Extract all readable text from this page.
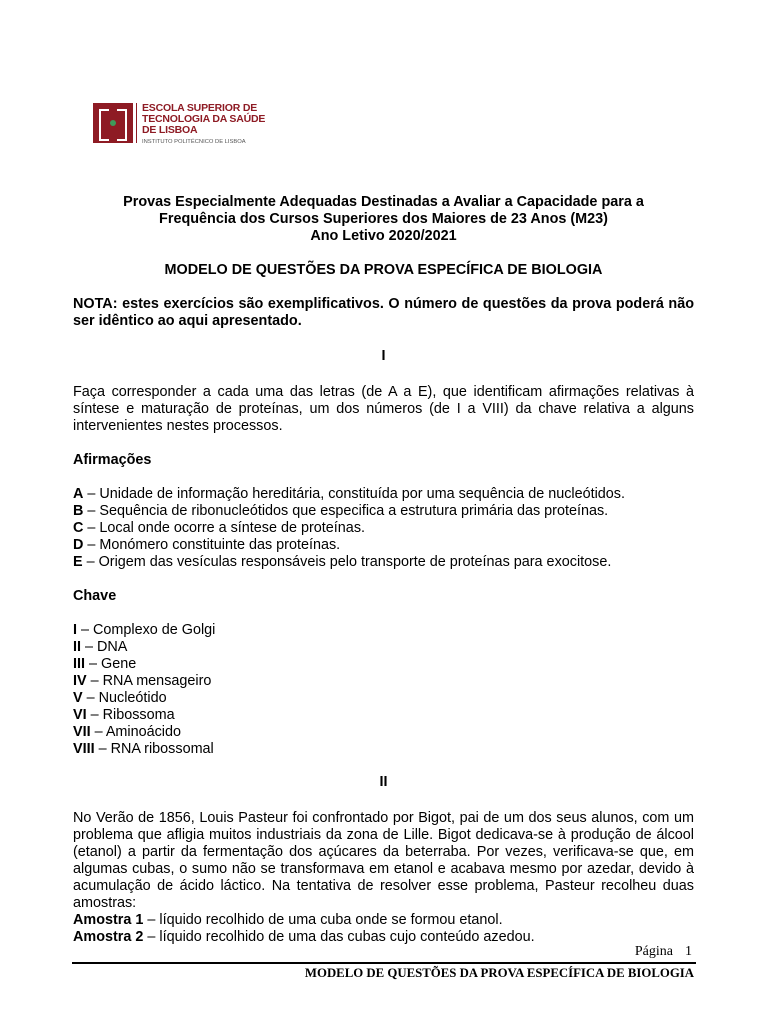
ESCOLA SUPERIOR DE
TECNOLOGIA DA SAÚDE
DE LISBOA
INSTITUTO POLITÉCNICO DE LISBOA
Provas Especialmente Adequadas Destinadas a Avaliar a Capacidade para a
Frequência dos Cursos Superiores dos Maiores de 23 Anos (M23)
Ano Letivo 2020/2021
MODELO DE QUESTÕES DA PROVA ESPECÍFICA DE BIOLOGIA

NOTA: estes exercícios são exemplificativos. O número de questões da prova poderá não ser idêntico ao aqui apresentado.

I

Faça corresponder a cada uma das letras (de A a E), que identificam afirmações relativas à síntese e maturação de proteínas, um dos números (de I a VIII) da chave relativa a alguns intervenientes nestes processos.

Afirmações

A – Unidade de informação hereditária, constituída por uma sequência de nucleótidos.
B – Sequência de ribonucleótidos que especifica a estrutura primária das proteínas.
C – Local onde ocorre a síntese de proteínas.
D – Monómero constituinte das proteínas.
E – Origem das vesículas responsáveis pelo transporte de proteínas para exocitose.

Chave

I – Complexo de Golgi
II – DNA
III – Gene
IV – RNA mensageiro
V – Nucleótido
VI – Ribossoma
VII – Aminoácido
VIII – RNA ribossomal
II

No Verão de 1856, Louis Pasteur foi confrontado por Bigot, pai de um dos seus alunos, com um problema que afligia muitos industriais da zona de Lille. Bigot dedicava-se à produção de álcool (etanol) a partir da fermentação dos açúcares da beterraba. Por vezes, verificava-se que, em algumas cubas, o sumo não se transformava em etanol e acabava mesmo por azedar, devido à acumulação de ácido láctico. Na tentativa de resolver esse problema, Pasteur recolheu duas amostras:

Amostra 1 – líquido recolhido de uma cuba onde se formou etanol.
Amostra 2 – líquido recolhido de uma das cubas cujo conteúdo azedou.
Página 1
MODELO DE QUESTÕES DA PROVA ESPECÍFICA DE BIOLOGIA
